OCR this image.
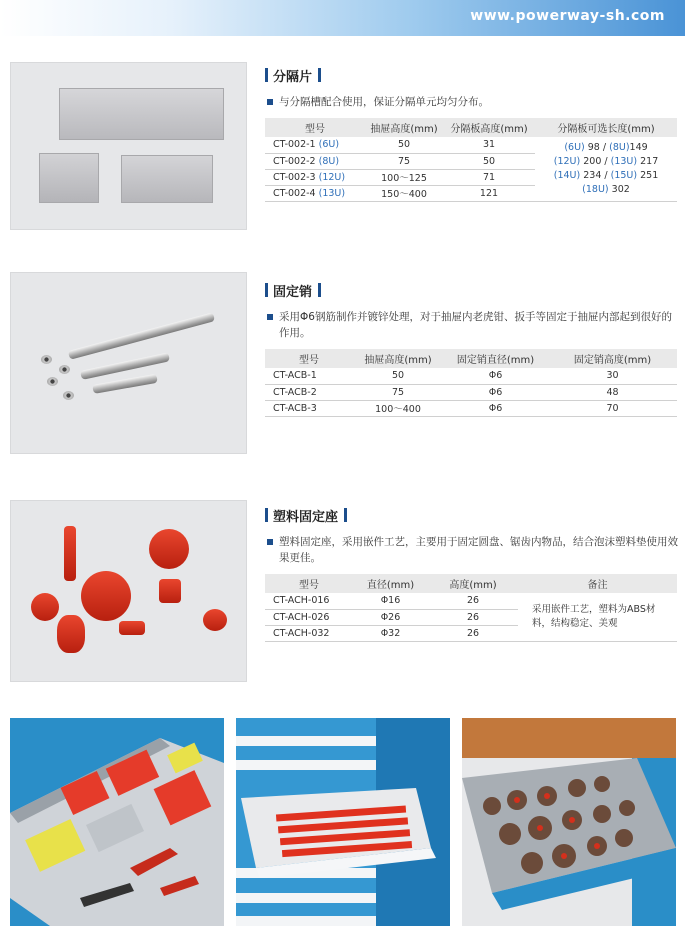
www.powerway-sh.com
分隔片
与分隔槽配合使用，保证分隔单元均匀分布。
型号	抽屉高度(mm)	分隔板高度(mm)	分隔板可选长度(mm)
CT-002-1 (6U)	50	31	(6U) 98 / (8U)149
(12U) 200 / (13U) 217
(14U) 234 / (15U) 251
(18U) 302

CT-002-2 (8U)	75	50	
CT-002-3 (12U)	100～125	71	
CT-002-4 (13U)	150～400	121	
固定销
采用Φ6钢筋制作并镀锌处理，对于抽屉内老虎钳、扳手等固定于抽屉内部起到很好的作用。
型号	抽屉高度(mm)	固定销直径(mm)	固定销高度(mm)
CT-ACB-1	50	Φ6	30
CT-ACB-2	75	Φ6	48
CT-ACB-3	100～400	Φ6	70
塑料固定座
塑料固定座，采用嵌件工艺，主要用于固定圆盘、锯齿内物品，结合泡沫塑料垫使用效果更佳。
型号	直径(mm)	高度(mm)	备注
CT-ACH-016	Φ16	26	采用嵌件工艺，塑料为ABS材料，结构稳定、美观
CT-ACH-026	Φ26	26	
CT-ACH-032	Φ32	26	
